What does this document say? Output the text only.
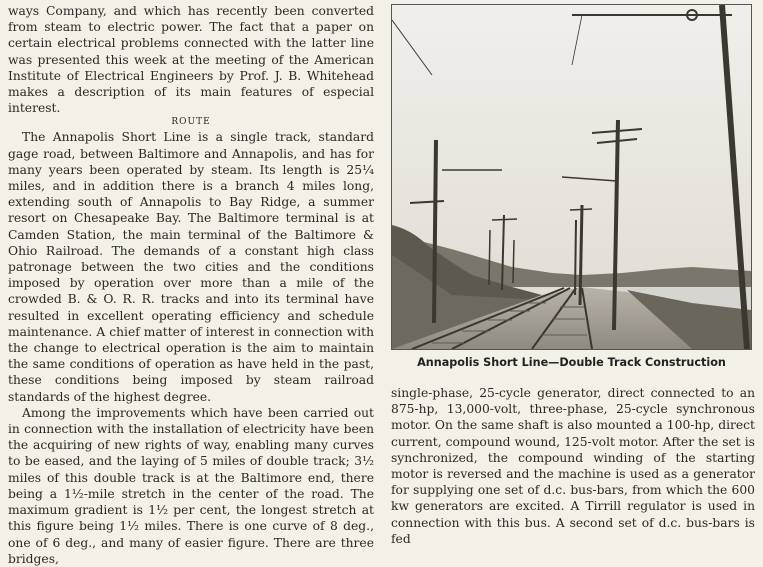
ways Company, and which has recently been converted from steam to electric power. The fact that a paper on certain electrical problems connected with the latter line was presented this week at the meeting of the American Institute of Electrical Engineers by Prof. J. B. Whitehead makes a description of its main features of especial interest.

ROUTE

The Annapolis Short Line is a single track, standard gage road, between Baltimore and Annapolis, and has for many years been operated by steam. Its length is 25¼ miles, and in addition there is a branch 4 miles long, extending south of Annapolis to Bay Ridge, a summer resort on Chesapeake Bay. The Baltimore terminal is at Camden Station, the main terminal of the Baltimore & Ohio Railroad. The demands of a constant high class patronage between the two cities and the conditions imposed by operation over more than a mile of the crowded B. & O. R. R. tracks and into its terminal have resulted in excellent operating efficiency and schedule maintenance. A chief matter of interest in connection with the change to electrical operation is the aim to maintain the same conditions of operation as have held in the past, these conditions being imposed by steam railroad standards of the highest degree.

Among the improvements which have been carried out in connection with the installation of electricity have been the acquiring of new rights of way, enabling many curves to be eased, and the laying of 5 miles of double track; 3½ miles of this double track is at the Baltimore end, there being a 1½-mile stretch in the center of the road. The maximum gradient is 1½ per cent, the longest stretch at this figure being 1½ miles. There is one curve of 8 deg., one of 6 deg., and many of easier figure. There are three bridges,

Annapolis Short Line—Double Track Construction

single-phase, 25-cycle generator, direct connected to an 875-hp, 13,000-volt, three-phase, 25-cycle synchronous motor. On the same shaft is also mounted a 100-hp, direct current, compound wound, 125-volt motor. After the set is synchronized, the compound winding of the starting motor is reversed and the machine is used as a generator for supplying one set of d.c. bus-bars, from which the 600 kw generators are excited. A Tirrill regulator is used in connection with this bus. A second set of d.c. bus-bars is fed
